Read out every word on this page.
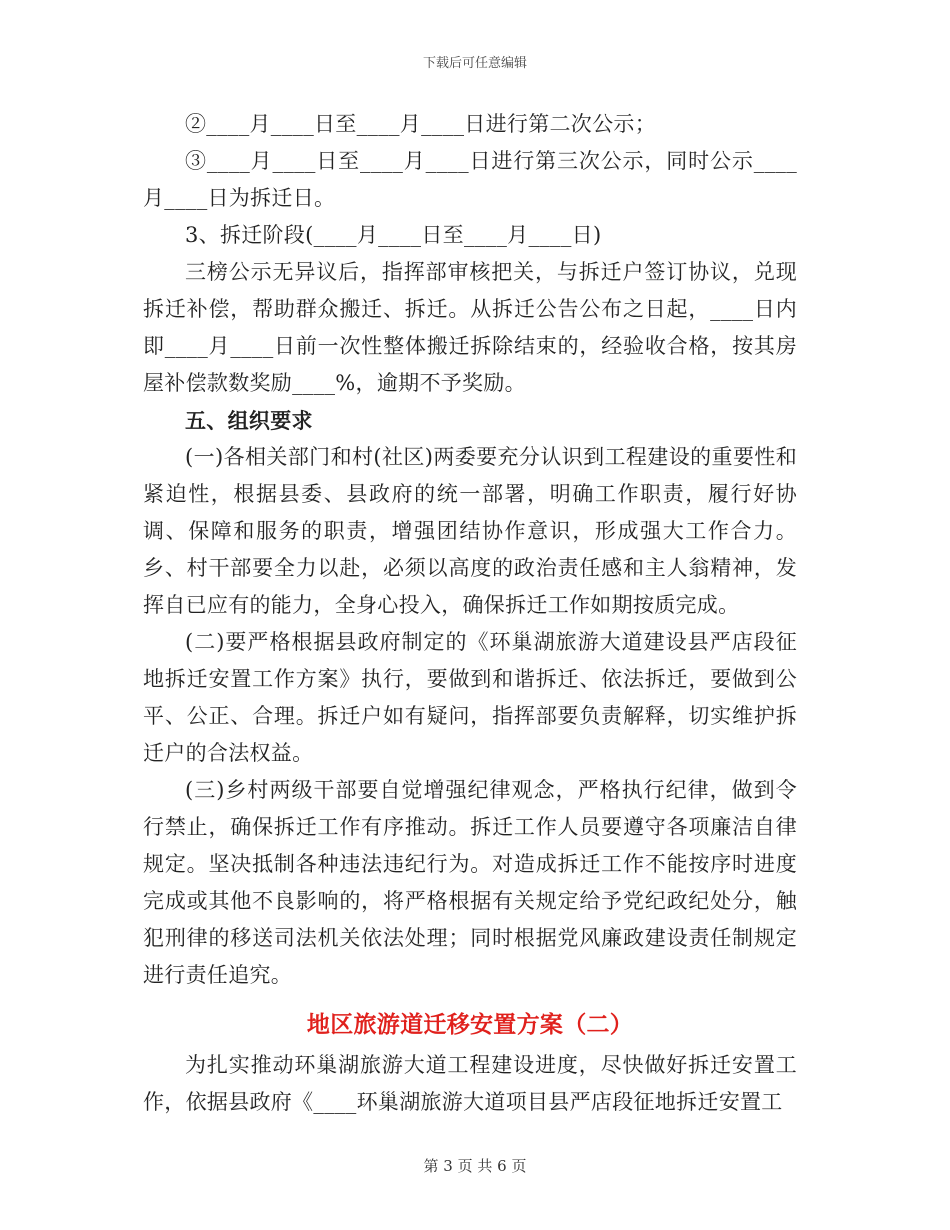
下载后可任意编辑

②____月____日至____月____日进行第二次公示；

③____月____日至____月____日进行第三次公示，同时公示____月____日为拆迁日。

3、拆迁阶段(____月____日至____月____日)

三榜公示无异议后，指挥部审核把关，与拆迁户签订协议，兑现拆迁补偿，帮助群众搬迁、拆迁。从拆迁公告公布之日起，____日内即____月____日前一次性整体搬迁拆除结束的，经验收合格，按其房屋补偿款数奖励____%，逾期不予奖励。

五、组织要求

(一)各相关部门和村(社区)两委要充分认识到工程建设的重要性和紧迫性，根据县委、县政府的统一部署，明确工作职责，履行好协调、保障和服务的职责，增强团结协作意识，形成强大工作合力。乡、村干部要全力以赴，必须以高度的政治责任感和主人翁精神，发挥自已应有的能力，全身心投入，确保拆迁工作如期按质完成。

(二)要严格根据县政府制定的《环巢湖旅游大道建设县严店段征地拆迁安置工作方案》执行，要做到和谐拆迁、依法拆迁，要做到公平、公正、合理。拆迁户如有疑问，指挥部要负责解释，切实维护拆迁户的合法权益。

(三)乡村两级干部要自觉增强纪律观念，严格执行纪律，做到令行禁止，确保拆迁工作有序推动。拆迁工作人员要遵守各项廉洁自律规定。坚决抵制各种违法违纪行为。对造成拆迁工作不能按序时进度完成或其他不良影响的，将严格根据有关规定给予党纪政纪处分，触犯刑律的移送司法机关依法处理；同时根据党风廉政建设责任制规定进行责任追究。

地区旅游道迁移安置方案（二）

为扎实推动环巢湖旅游大道工程建设进度，尽快做好拆迁安置工作，依据县政府《____环巢湖旅游大道项目县严店段征地拆迁安置工

第 3 页 共 6 页
